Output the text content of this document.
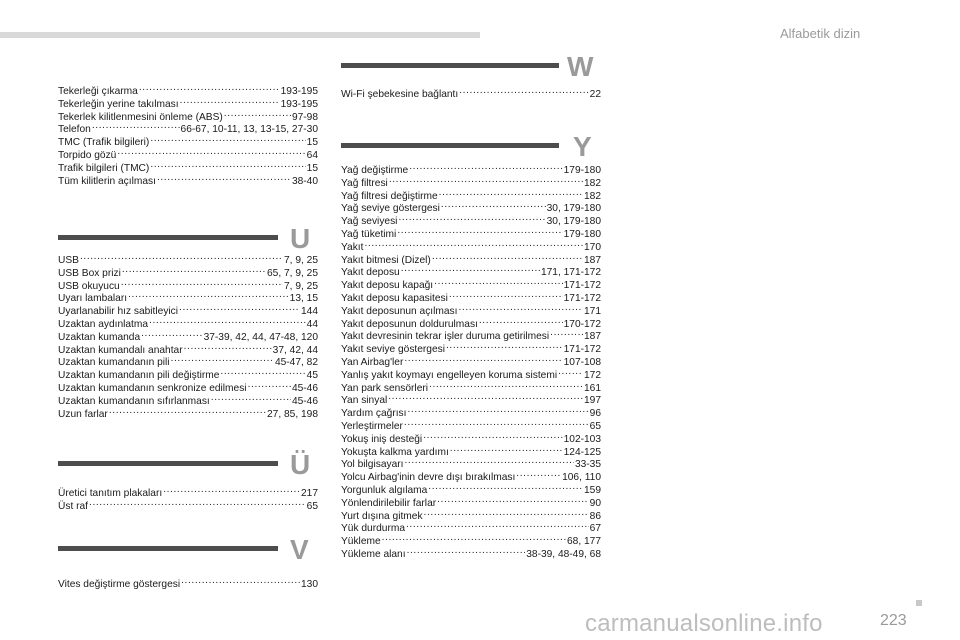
Alfabetik dizin
Tekerleği çıkarma .....	193-195
Tekerleğin yerine takılması .....	193-195
Tekerlek kilitlenmesini önleme (ABS) .....	97-98
Telefon .....	66-67, 10-11, 13, 13-15, 27-30
TMC (Trafik bilgileri) .....	15
Torpido gözü .....	64
Trafik bilgileri (TMC) .....	15
Tüm kilitlerin açılması .....	38-40
U
USB .....	7, 9, 25
USB Box prizi .....	65, 7, 9, 25
USB okuyucu .....	7, 9, 25
Uyarı lambaları .....	13, 15
Uyarlanabilir hız sabitleyici .....	144
Uzaktan aydınlatma .....	44
Uzaktan kumanda .....	37-39, 42, 44, 47-48, 120
Uzaktan kumandalı anahtar .....	37, 42, 44
Uzaktan kumandanın pili .....	45-47, 82
Uzaktan kumandanın pili değiştirme .....	45
Uzaktan kumandanın senkronize edilmesi .....	45-46
Uzaktan kumandanın sıfırlanması .....	45-46
Uzun farlar .....	27, 85, 198
Ü
Üretici tanıtım plakaları .....	217
Üst raf .....	65
V
Vites değiştirme göstergesi .....	130
W
Wi-Fi şebekesine bağlantı .....	22
Y
Yağ değiştirme .....	179-180
Yağ filtresi .....	182
Yağ filtresi değiştirme .....	182
Yağ seviye göstergesi .....	30, 179-180
Yağ seviyesi .....	30, 179-180
Yağ tüketimi .....	179-180
Yakıt .....	170
Yakıt bitmesi (Dizel) .....	187
Yakıt deposu .....	171, 171-172
Yakıt deposu kapağı .....	171-172
Yakıt deposu kapasitesi .....	171-172
Yakıt deposunun açılması .....	171
Yakıt deposunun doldurulması .....	170-172
Yakıt devresinin tekrar işler duruma getirilmesi .....	187
Yakıt seviye göstergesi .....	171-172
Yan Airbag'ler .....	107-108
Yanlış yakıt koymayı engelleyen koruma sistemi .....	172
Yan park sensörleri .....	161
Yan sinyal .....	197
Yardım çağrısı .....	96
Yerleştirmeler .....	65
Yokuş iniş desteği .....	102-103
Yokuşta kalkma yardımı .....	124-125
Yol bilgisayarı .....	33-35
Yolcu Airbag'inin devre dışı bırakılması .....	106, 110
Yorgunluk algılama .....	159
Yönlendirilebilir farlar .....	90
Yurt dışına gitmek .....	86
Yük durdurma .....	67
Yükleme .....	68, 177
Yükleme alanı .....	38-39, 48-49, 68
carmanualsonline.info	223
